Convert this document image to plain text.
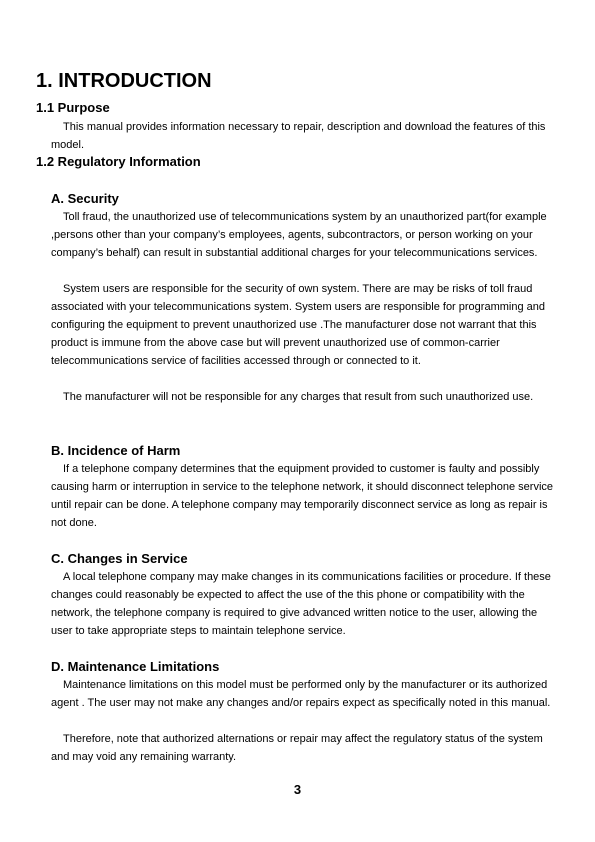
1. INTRODUCTION
1.1 Purpose

This manual provides information necessary to repair, description and download the features of this model.

1.2 Regulatory Information
A. Security

Toll fraud, the unauthorized use of telecommunications system by an unauthorized part(for example ,persons other than your company’s employees, agents, subcontractors, or person working on your company’s behalf) can result in substantial additional charges for your telecommunications services.

System users are responsible for the security of own system. There are may be risks of toll fraud associated with your telecommunications system. System users are responsible for programming and configuring the equipment to prevent unauthorized use .The manufacturer dose not warrant that this product is immune from the above case but will prevent unauthorized use of common-carrier telecommunications service of facilities accessed through or connected to it.

The manufacturer will not be responsible for any charges that result from such unauthorized use.

B. Incidence of Harm

If a telephone company determines that the equipment provided to customer is faulty and possibly causing harm or interruption in service to the telephone network, it should disconnect telephone service until repair can be done. A telephone company may temporarily disconnect service as long as repair is not done.

C. Changes in Service

A local telephone company may make changes in its communications facilities or procedure. If these changes could reasonably be expected to affect the use of the this phone or compatibility with the network, the telephone company is required to give advanced written notice to the user, allowing the user to take appropriate steps to maintain telephone service.

D. Maintenance Limitations

Maintenance limitations on this model must be performed only by the manufacturer or its authorized agent . The user may not make any changes and/or repairs expect as specifically noted in this manual.

Therefore, note that authorized alternations or repair may affect the regulatory status of the system and may void any remaining warranty.

3
